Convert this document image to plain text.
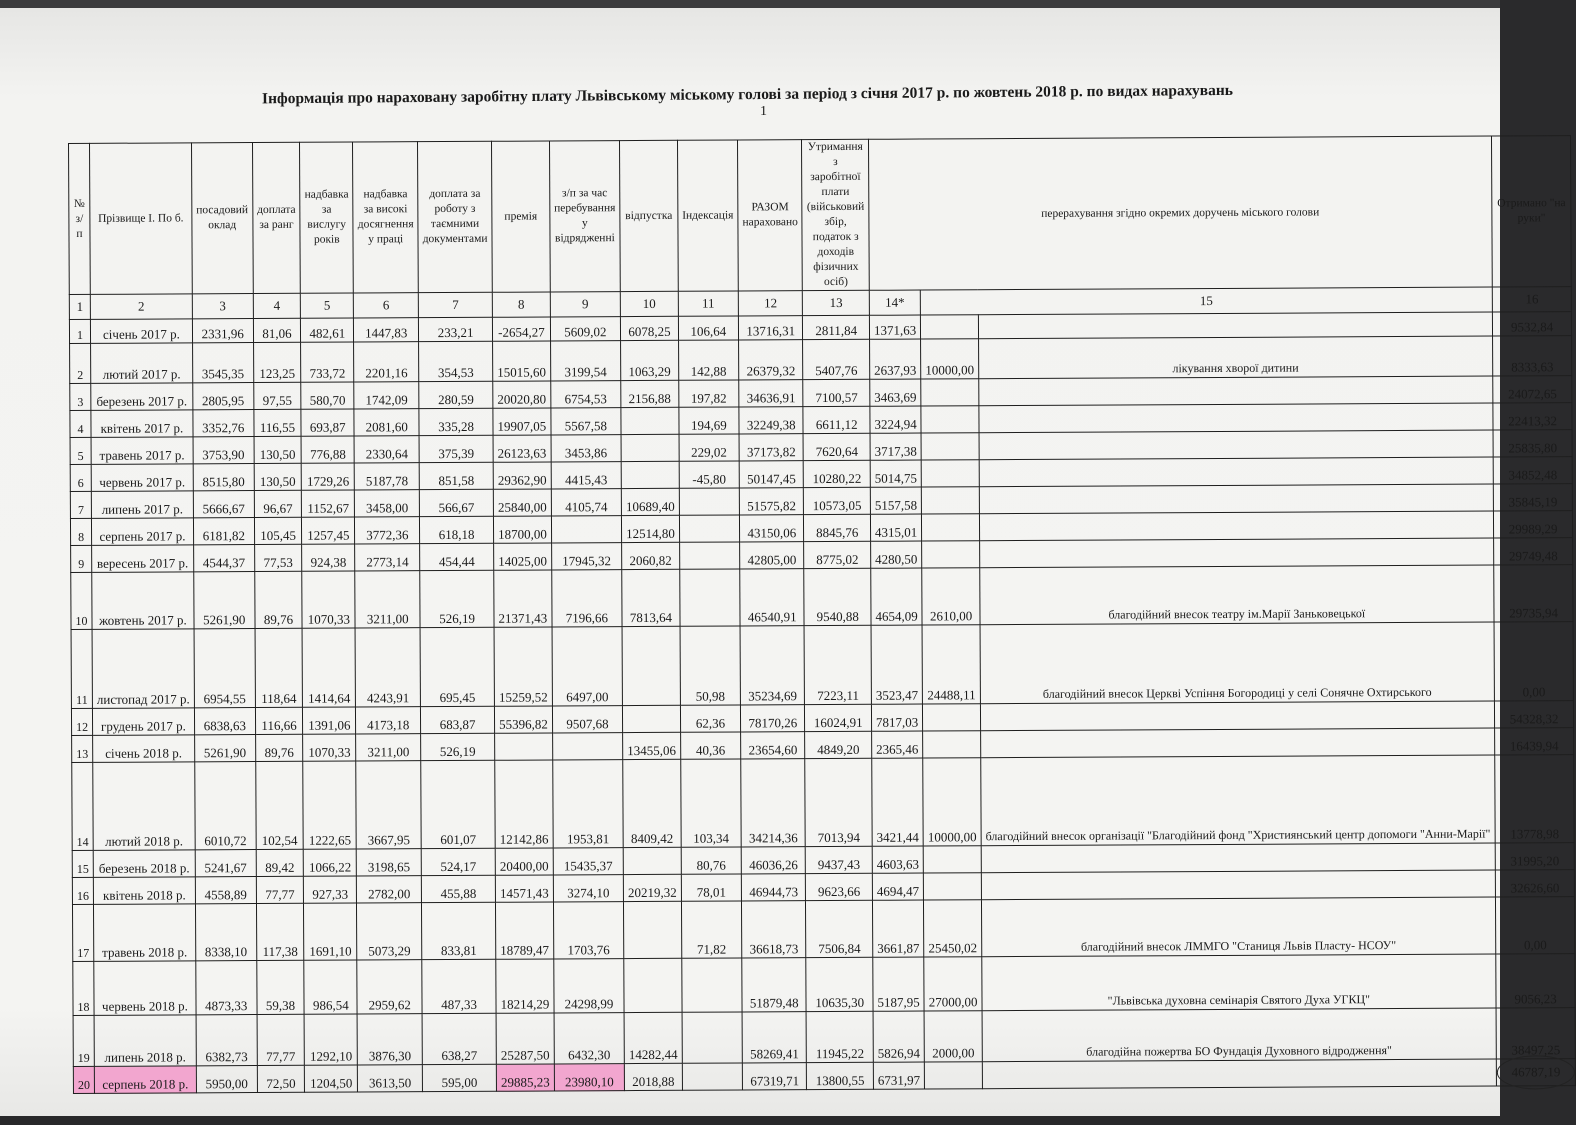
Інформація про нараховану заробітну плату Львівському міському голові за період з січня 2017 р. по жовтень 2018 р. по видах нарахувань
1
№ з/п	Прізвище І. По б.	посадовий оклад	доплата за ранг	надбавка за вислугу років	надбавка за високі досягнення у праці	доплата за роботу з таємними документами	премія	з/п за час перебування у відрядженні	відпустка	Індексація	РАЗОМ нараховано	Утримання з заробітної плати (військовий збір, податок з доходів фізичних осіб)	перерахування згідно окремих доручень міського голови			Отримано "на руки"
1	2	3	4	5	6	7	8	9	10	11	12	13	14*	15		16
1	січень 2017 р.	2331,96	81,06	482,61	1447,83	233,21	-2654,27	5609,02	6078,25	106,64	13716,31	2811,84	1371,63			9532,84
2	лютий 2017 р.	3545,35	123,25	733,72	2201,16	354,53	15015,60	3199,54	1063,29	142,88	26379,32	5407,76	2637,93	10000,00	лікування хворої дитини	8333,63
3	березень 2017 р.	2805,95	97,55	580,70	1742,09	280,59	20020,80	6754,53	2156,88	197,82	34636,91	7100,57	3463,69			24072,65
4	квітень 2017 р.	3352,76	116,55	693,87	2081,60	335,28	19907,05	5567,58		194,69	32249,38	6611,12	3224,94			22413,32
5	травень 2017 р.	3753,90	130,50	776,88	2330,64	375,39	26123,63	3453,86		229,02	37173,82	7620,64	3717,38			25835,80
6	червень 2017 р.	8515,80	130,50	1729,26	5187,78	851,58	29362,90	4415,43		-45,80	50147,45	10280,22	5014,75			34852,48
7	липень 2017 р.	5666,67	96,67	1152,67	3458,00	566,67	25840,00	4105,74	10689,40		51575,82	10573,05	5157,58			35845,19
8	серпень 2017 р.	6181,82	105,45	1257,45	3772,36	618,18	18700,00		12514,80		43150,06	8845,76	4315,01			29989,29
9	вересень 2017 р.	4544,37	77,53	924,38	2773,14	454,44	14025,00	17945,32	2060,82		42805,00	8775,02	4280,50			29749,48
10	жовтень 2017 р.	5261,90	89,76	1070,33	3211,00	526,19	21371,43	7196,66	7813,64		46540,91	9540,88	4654,09	2610,00	благодійний внесок театру ім.Марії Заньковецької	29735,94
11	листопад 2017 р.	6954,55	118,64	1414,64	4243,91	695,45	15259,52	6497,00		50,98	35234,69	7223,11	3523,47	24488,11	благодійний внесок Церкві Успіння Богородиці у селі Сонячне Охтирського	0,00
12	грудень 2017 р.	6838,63	116,66	1391,06	4173,18	683,87	55396,82	9507,68		62,36	78170,26	16024,91	7817,03			54328,32
13	січень 2018 р.	5261,90	89,76	1070,33	3211,00	526,19			13455,06	40,36	23654,60	4849,20	2365,46			16439,94
14	лютий 2018 р.	6010,72	102,54	1222,65	3667,95	601,07	12142,86	1953,81	8409,42	103,34	34214,36	7013,94	3421,44	10000,00	благодійний внесок організації "Благодійний фонд "Християнський центр допомоги "Анни-Марії"	13778,98
15	березень 2018 р.	5241,67	89,42	1066,22	3198,65	524,17	20400,00	15435,37		80,76	46036,26	9437,43	4603,63			31995,20
16	квітень 2018 р.	4558,89	77,77	927,33	2782,00	455,88	14571,43	3274,10	20219,32	78,01	46944,73	9623,66	4694,47			32626,60
17	травень 2018 р.	8338,10	117,38	1691,10	5073,29	833,81	18789,47	1703,76		71,82	36618,73	7506,84	3661,87	25450,02	благодійний внесок ЛММГО "Станиця Львів Пласту- НСОУ"	0,00
18	червень 2018 р.	4873,33	59,38	986,54	2959,62	487,33	18214,29	24298,99			51879,48	10635,30	5187,95	27000,00	"Львівська духовна семінарія Святого Духа УГКЦ"	9056,23
19	липень 2018 р.	6382,73	77,77	1292,10	3876,30	638,27	25287,50	6432,30	14282,44		58269,41	11945,22	5826,94	2000,00	благодійна пожертва БО Фундація Духовного відродження"	38497,25
20	серпень 2018 р.	5950,00	72,50	1204,50	3613,50	595,00	29885,23	23980,10	2018,88		67319,71	13800,55	6731,97			46787,19
